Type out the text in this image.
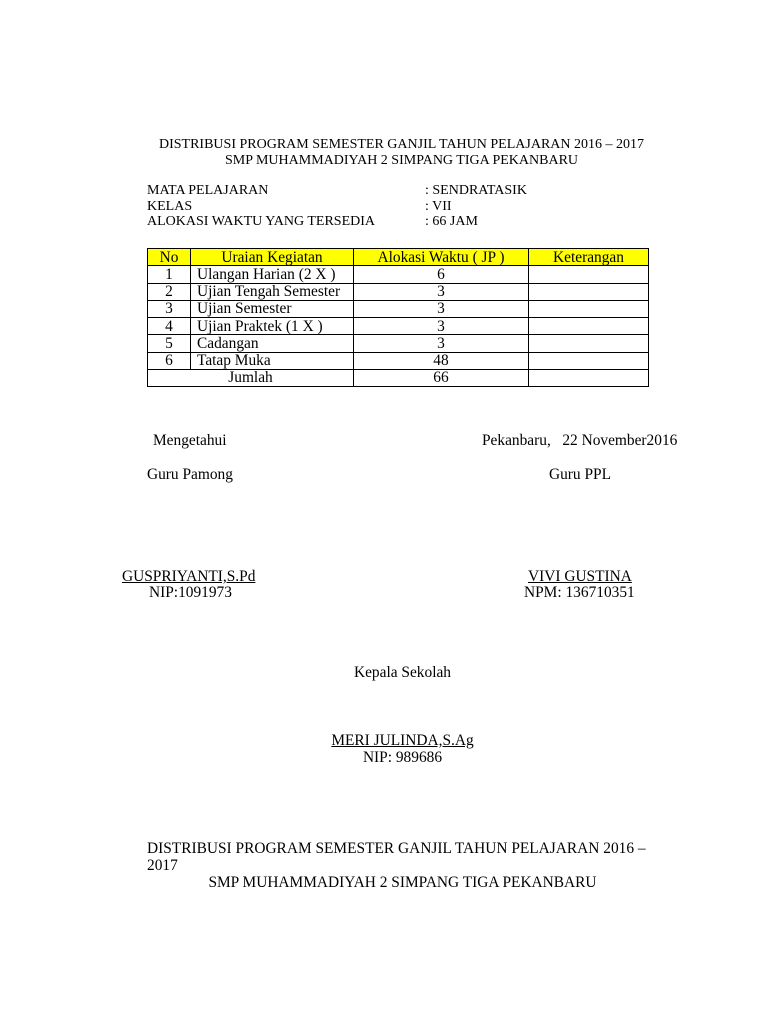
DISTRIBUSI PROGRAM SEMESTER GANJIL TAHUN PELAJARAN 2016 – 2017
SMP MUHAMMADIYAH 2 SIMPANG TIGA PEKANBARU
MATA PELAJARAN	: SENDRATASIK
KELAS	: VII
ALOKASI WAKTU YANG TERSEDIA	: 66 JAM
No	Uraian Kegiatan	Alokasi Waktu ( JP )	Keterangan
1	Ulangan Harian (2 X )	6	
2	Ujian Tengah Semester	3	
3	Ujian Semester	3	
4	Ujian Praktek (1 X )	3	
5	Cadangan	3	
6	Tatap Muka	48	
Jumlah		66	
Mengetahui	Pekanbaru,   22 November2016
Guru Pamong	Guru PPL
GUSPRIYANTI,S.Pd
NIP:1091973
VIVI GUSTINA
NPM: 136710351
Kepala Sekolah
MERI JULINDA,S.Ag
NIP: 989686
DISTRIBUSI PROGRAM SEMESTER GANJIL TAHUN PELAJARAN 2016 –
2017
SMP MUHAMMADIYAH 2 SIMPANG TIGA PEKANBARU
